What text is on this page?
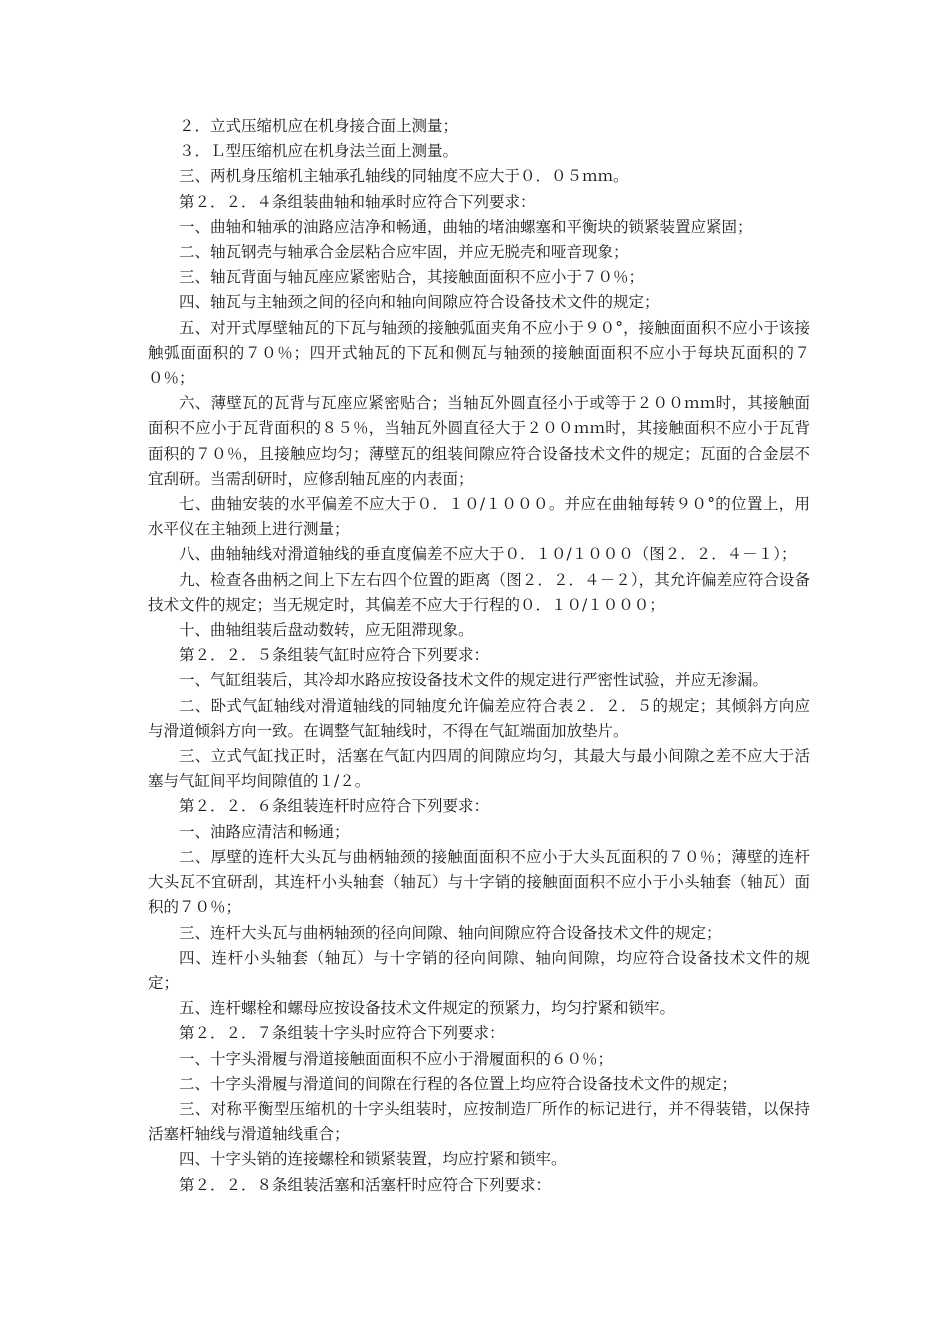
２．立式压缩机应在机身接合面上测量；

３．Ｌ型压缩机应在机身法兰面上测量。

三、两机身压缩机主轴承孔轴线的同轴度不应大于０．０５ｍｍ。

第２．２．４条组装曲轴和轴承时应符合下列要求：

一、曲轴和轴承的油路应洁净和畅通，曲轴的堵油螺塞和平衡块的锁紧装置应紧固；

二、轴瓦钢壳与轴承合金层粘合应牢固，并应无脱壳和哑音现象；

三、轴瓦背面与轴瓦座应紧密贴合，其接触面面积不应小于７０％；

四、轴瓦与主轴颈之间的径向和轴向间隙应符合设备技术文件的规定；

五、对开式厚壁轴瓦的下瓦与轴颈的接触弧面夹角不应小于９０°，接触面面积不应小于该接触弧面面积的７０％；四开式轴瓦的下瓦和侧瓦与轴颈的接触面面积不应小于每块瓦面积的７０％；

六、薄壁瓦的瓦背与瓦座应紧密贴合；当轴瓦外圆直径小于或等于２００ｍｍ时，其接触面面积不应小于瓦背面积的８５％，当轴瓦外圆直径大于２００ｍｍ时，其接触面积不应小于瓦背面积的７０％，且接触应均匀；薄壁瓦的组装间隙应符合设备技术文件的规定；瓦面的合金层不宜刮研。当需刮研时，应修刮轴瓦座的内表面；

七、曲轴安装的水平偏差不应大于０．１０/１０００。并应在曲轴每转９０°的位置上，用水平仪在主轴颈上进行测量；

八、曲轴轴线对滑道轴线的垂直度偏差不应大于０．１０/１０００（图２．２．４－１）；

九、检查各曲柄之间上下左右四个位置的距离（图２．２．４－２），其允许偏差应符合设备技术文件的规定；当无规定时，其偏差不应大于行程的０．１０/１０００；

十、曲轴组装后盘动数转，应无阻滞现象。

第２．２．５条组装气缸时应符合下列要求：

一、气缸组装后，其冷却水路应按设备技术文件的规定进行严密性试验，并应无渗漏。

二、卧式气缸轴线对滑道轴线的同轴度允许偏差应符合表２．２．５的规定；其倾斜方向应与滑道倾斜方向一致。在调整气缸轴线时，不得在气缸端面加放垫片。

三、立式气缸找正时，活塞在气缸内四周的间隙应均匀，其最大与最小间隙之差不应大于活塞与气缸间平均间隙值的１/２。

第２．２．６条组装连杆时应符合下列要求：

一、油路应清洁和畅通；

二、厚壁的连杆大头瓦与曲柄轴颈的接触面面积不应小于大头瓦面积的７０％；薄壁的连杆大头瓦不宜研刮，其连杆小头轴套（轴瓦）与十字销的接触面面积不应小于小头轴套（轴瓦）面积的７０％；

三、连杆大头瓦与曲柄轴颈的径向间隙、轴向间隙应符合设备技术文件的规定；

四、连杆小头轴套（轴瓦）与十字销的径向间隙、轴向间隙，均应符合设备技术文件的规定；

五、连杆螺栓和螺母应按设备技术文件规定的预紧力，均匀拧紧和锁牢。

第２．２．７条组装十字头时应符合下列要求：

一、十字头滑履与滑道接触面面积不应小于滑履面积的６０％；

二、十字头滑履与滑道间的间隙在行程的各位置上均应符合设备技术文件的规定；

三、对称平衡型压缩机的十字头组装时，应按制造厂所作的标记进行，并不得装错，以保持活塞杆轴线与滑道轴线重合；

四、十字头销的连接螺栓和锁紧装置，均应拧紧和锁牢。

第２．２．８条组装活塞和活塞杆时应符合下列要求：
